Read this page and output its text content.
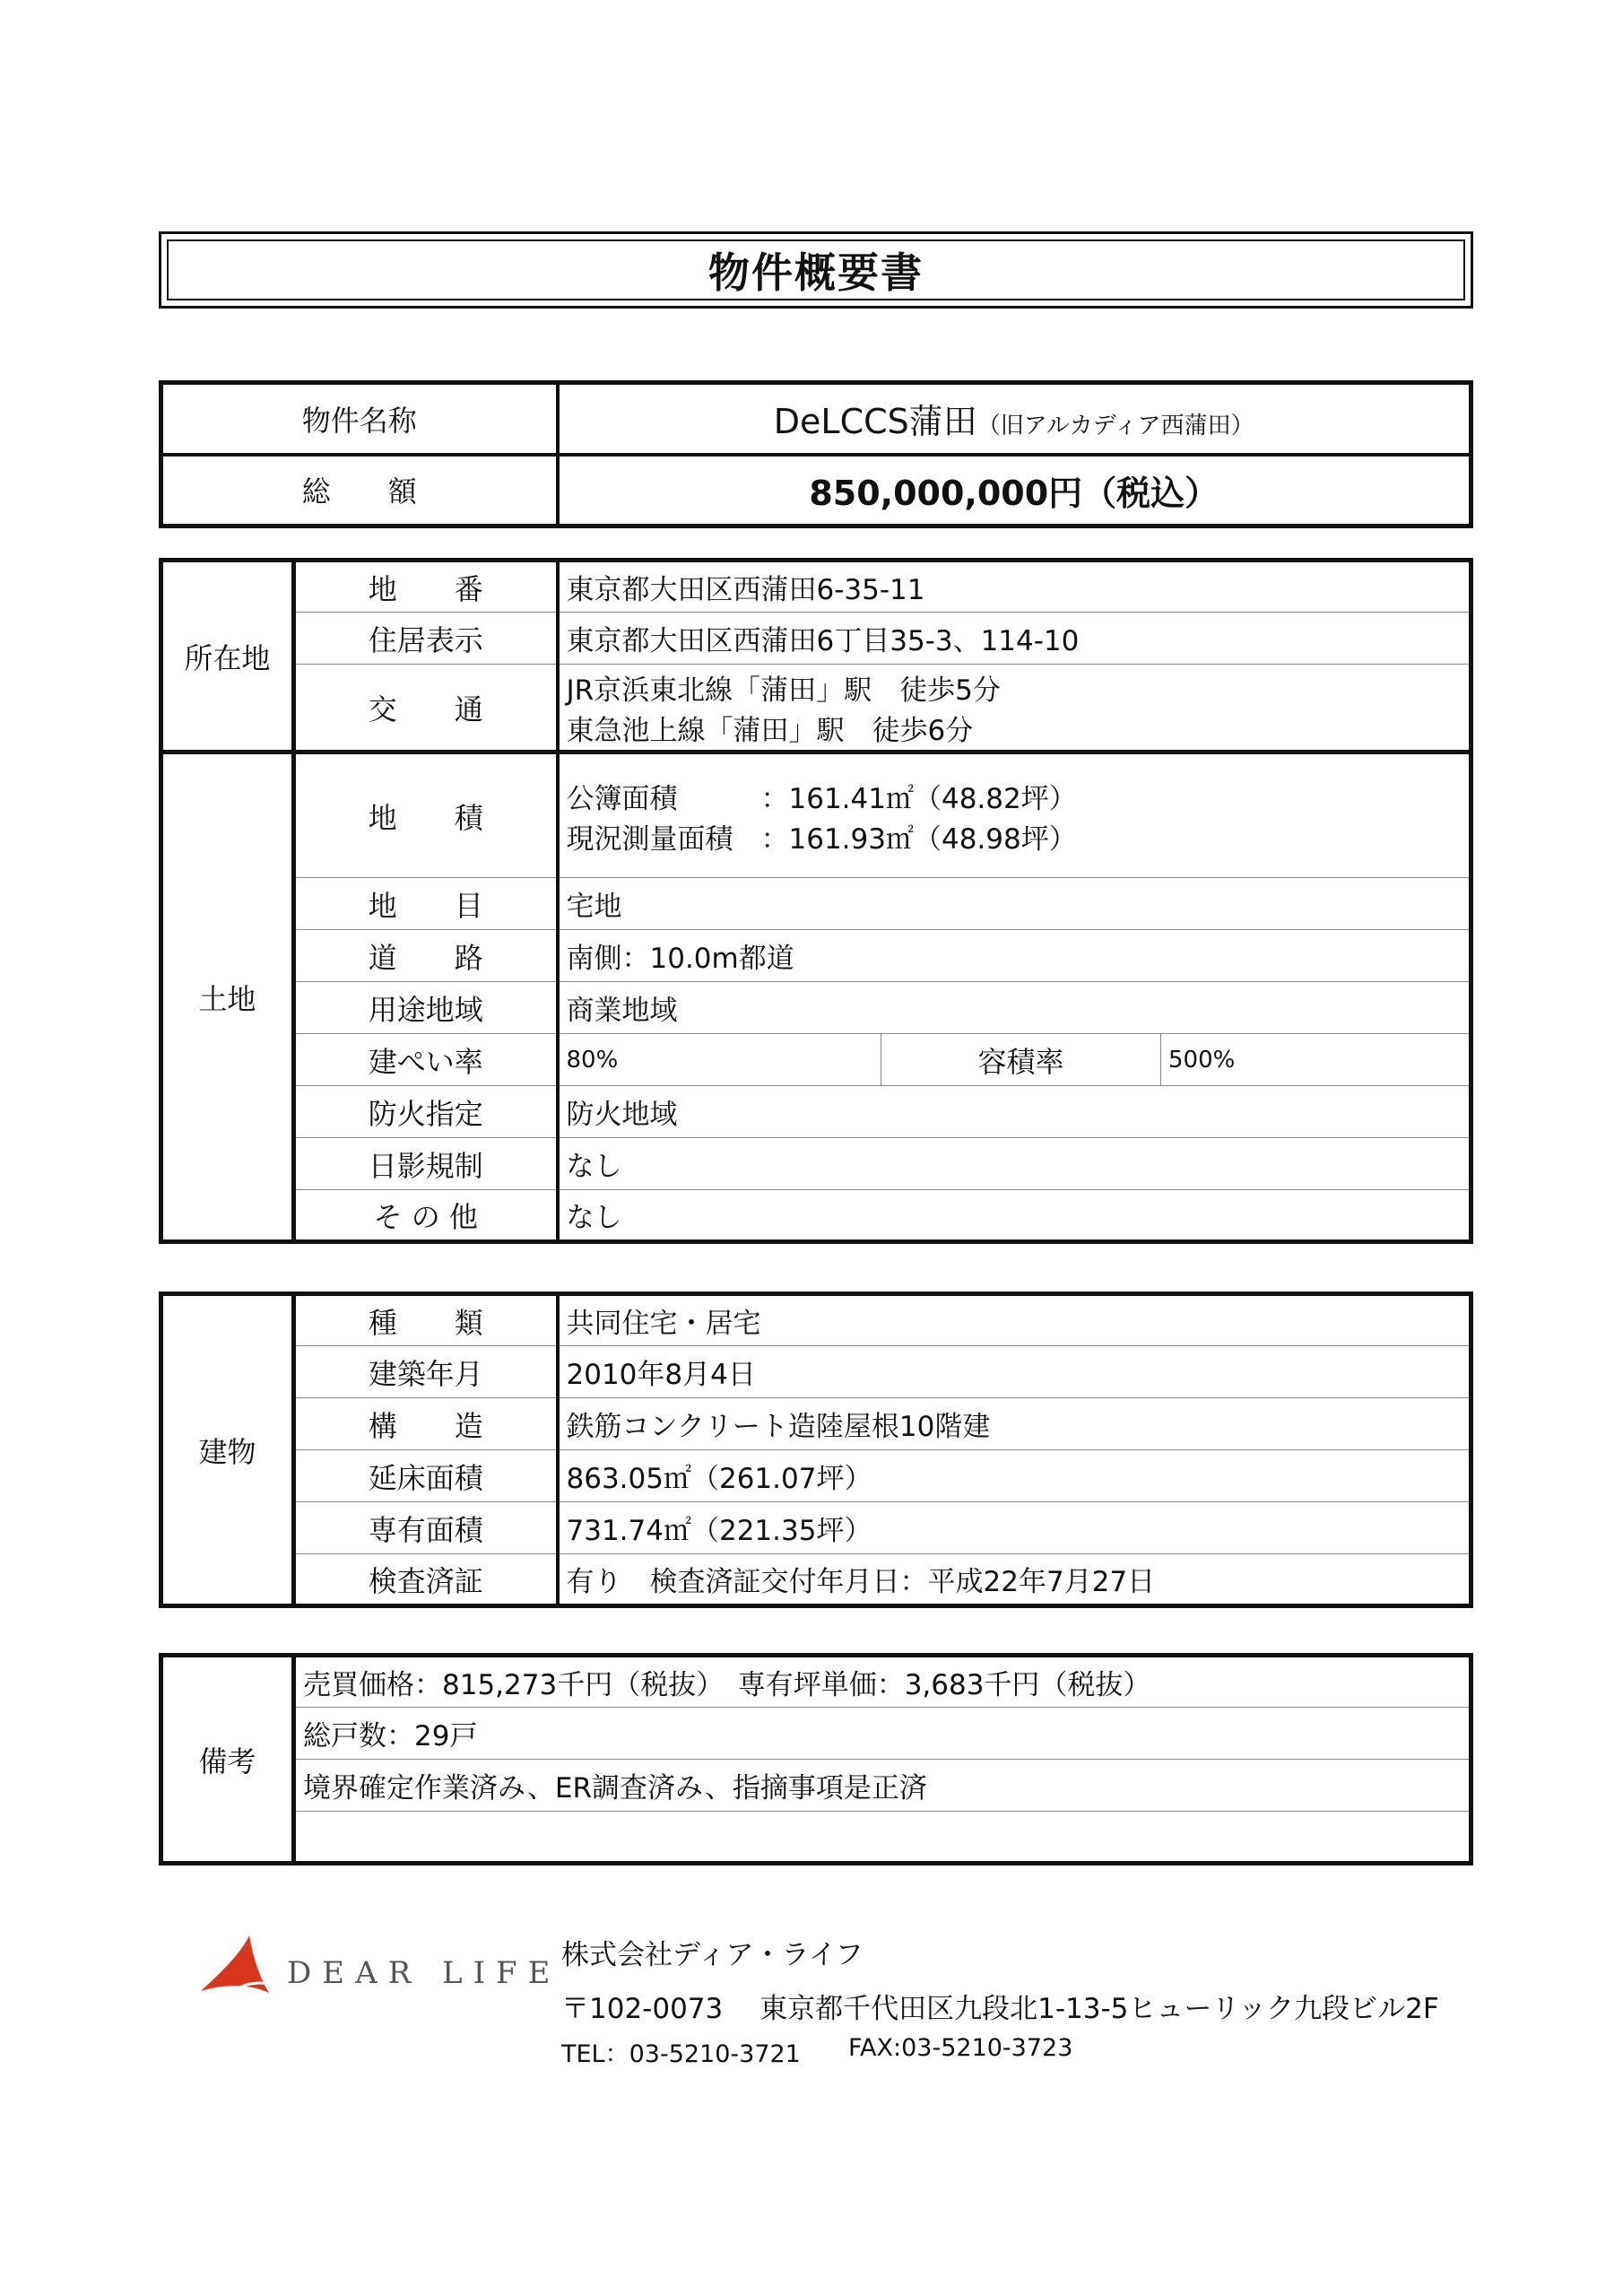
物件概要書
物件名称	DeLCCS蒲田（旧アルカディア西蒲田）
総　　額	850,000,000円（税込）
所在地	地　　番	東京都大田区西蒲田6-35-11		
	住居表示	東京都大田区西蒲田6丁目35-3、114-10		
	交　　通	JR京浜東北線「蒲田」駅　徒歩5分
東急池上線「蒲田」駅　徒歩6分		

土地	地　　積	公簿面積　　　：161.41㎡（48.82坪）
現況測量面積　：161.93㎡（48.98坪）		

	地　　目	宅地		
	道　　路	南側：10.0m都道		
	用途地域	商業地域		
	建ぺい率	80%	容積率	500%
	防火指定	防火地域		
	日影規制	なし		
	そ の 他	なし		
建物	種　　類	共同住宅・居宅
	建築年月	2010年8月4日
	構　　造	鉄筋コンクリート造陸屋根10階建
	延床面積	863.05㎡（261.07坪）
	専有面積	731.74㎡（221.35坪）
	検査済証	有り　検査済証交付年月日：平成22年7月27日
備考	売買価格：815,273千円（税抜）　専有坪単価：3,683千円（税抜）
総戸数：29戸
境界確定作業済み、ER調査済み、指摘事項是正済

DEAR LIFE 株式会社ディア・ライフ
〒102-0073　 東京都千代田区九段北1-13-5ヒューリック九段ビル2F
TEL：03-5210-3721 FAX:03-5210-3723
